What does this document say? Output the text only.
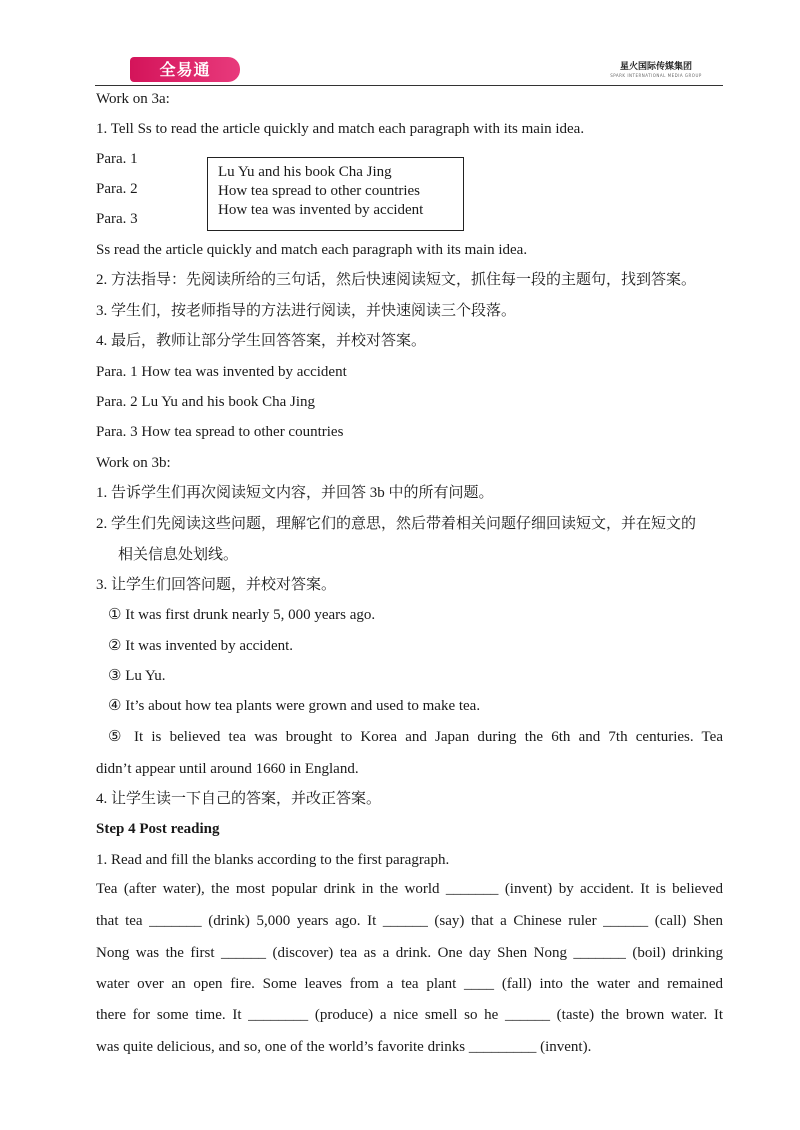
全易通	星火国际传媒集团
SPARK INTERNATIONAL MEDIA GROUP
Work on 3a:
1. Tell Ss to read the article quickly and match each paragraph with its main idea.
Para. 1
Para. 2
Para. 3
Ss read the article quickly and match each paragraph with its main idea.
2. 方法指导：先阅读所给的三句话，然后快速阅读短文，抓住每一段的主题句，找到答案。
3. 学生们，按老师指导的方法进行阅读，并快速阅读三个段落。
4. 最后，教师让部分学生回答答案，并校对答案。
Para. 1 How tea was invented by accident
Para. 2 Lu Yu and his book Cha Jing
Para. 3 How tea spread to other countries
Work on 3b:
1. 告诉学生们再次阅读短文内容，并回答 3b 中的所有问题。
2. 学生们先阅读这些问题，理解它们的意思，然后带着相关问题仔细回读短文，并在短文的
相关信息处划线。
3. 让学生们回答问题，并校对答案。
① It was first drunk nearly 5, 000 years ago.
② It was invented by accident.
③ Lu Yu.
④ It’s about how tea plants were grown and used to make tea.
⑤ It is believed tea was brought to Korea and Japan during the 6th and 7th centuries. Tea
didn’t appear until around 1660 in England.
4. 让学生读一下自己的答案，并改正答案。
Step 4 Post reading
1. Read and fill the blanks according to the first paragraph.
Tea (after water), the most popular drink in the world _______ (invent) by accident. It is believed
that tea _______ (drink) 5,000 years ago. It ______ (say) that a Chinese ruler ______ (call) Shen
Nong was the first ______ (discover) tea as a drink. One day Shen Nong _______ (boil) drinking
water over an open fire. Some leaves from a tea plant ____ (fall) into the water and remained
there for some time. It ________ (produce) a nice smell so he ______ (taste) the brown water. It
was quite delicious, and so, one of the world’s favorite drinks _________ (invent).
Lu Yu and his book Cha Jing
How tea spread to other countries
How tea was invented by accident
